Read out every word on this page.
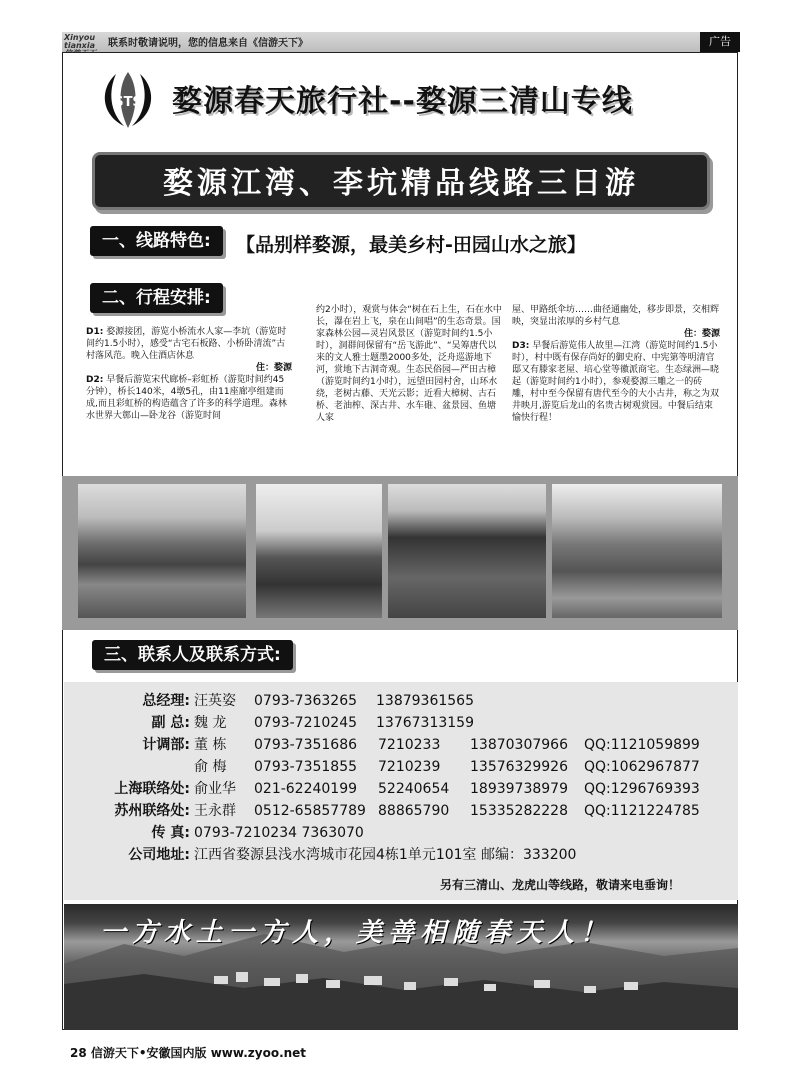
Xinyou tianxia	联系时敬请说明，您的信息来自《信游天下》	广告
STS 婺源春天旅行社--婺源三清山专线
婺源江湾、李坑精品线路三日游
一、线路特色:	【品别样婺源，最美乡村-田园山水之旅】
二、行程安排:

D1: 婺源接团，游览小桥流水人家—李坑（游览时间约1.5小时），感受“古宅石板路、小桥卧清流”古村落风范。晚入住酒店休息

住：婺源

D2: 早餐后游览宋代廊桥–彩虹桥（游览时间约45分钟），桥长140米，4墩5孔，由11座廊亭组建而成,而且彩虹桥的构造蕴含了许多的科学道理。森林水世界大鄣山—卧龙谷（游览时间

约2小时），观赏与体会“树在石上生，石在水中长，瀑在岩上飞，泉在山间唱”的生态奇景。国家森林公园—灵岩风景区（游览时间约1.5小时），洞群间保留有“岳飞游此”、“吴筹唐代以来的文人雅士题墨2000多处，泛舟巡游地下河，赏地下古洞奇观。生态民俗园—严田古樟（游览时间约1小时），远望田园村舍，山环水绕，老树古藤、天光云影；近看大樟树、古石桥、老油榨、深古井、水车碓、盆景园、鱼塘人家

屋、甲路纸伞坊……曲径通幽处，移步即景，交相辉映，突显出浓厚的乡村气息

住：婺源

D3: 早餐后游览伟人故里—江湾（游览时间约1.5小时），村中既有保存尚好的御史府、中宪第等明清官邸又有滕家老屋、培心堂等徽派商宅。生态绿洲—晓起（游览时间约1小时），参观婺源三雕之一的砖雕，村中至今保留有唐代至今的大小古井，称之为双井映月,游览后龙山的名贵古树观赏园。中餐后结束愉快行程！

三、联系人及联系方式:
总经理: 汪英姿 0793-7363265 13879361565
副 总: 魏 龙 0793-7210245 13767313159
计调部: 董 栋 0793-7351686 7210233 13870307966 QQ:1121059899
俞 梅 0793-7351855 7210239 13576329926 QQ:1062967877
上海联络处: 俞业华 021-62240199 52240654 18939738979 QQ:1296769393
苏州联络处: 王永群 0512-65857789 88865790 15335282228 QQ:1121224785
传 真: 0793-7210234 7363070
公司地址: 江西省婺源县浅水湾城市花园4栋1单元101室 邮编：333200
另有三清山、龙虎山等线路，敬请来电垂询！
一方水土一方人，美善相随春天人！
28 信游天下•安徽国内版 www.zyoo.net
